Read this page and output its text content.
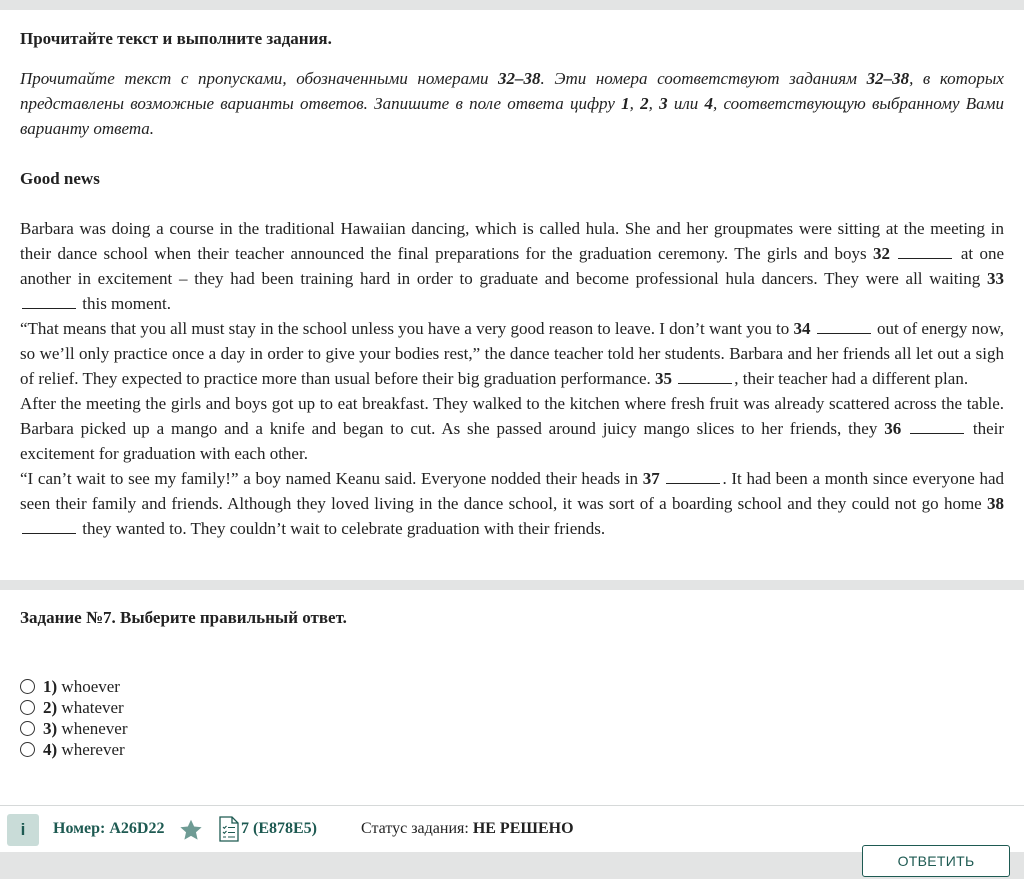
Прочитайте текст и выполните задания.

Прочитайте текст с пропусками, обозначенными номерами 32–38. Эти номера соответствуют заданиям 32–38, в которых представлены возможные варианты ответов. Запишите в поле ответа цифру 1, 2, 3 или 4, соответствующую выбранному Вами варианту ответа.

Good news

Barbara was doing a course in the traditional Hawaiian dancing, which is called hula. She and her groupmates were sitting at the meeting in their dance school when their teacher announced the final preparations for the graduation ceremony. The girls and boys 32	at one another in excitement – they had been training hard in order to graduate and become professional hula dancers. They were all waiting 33  this moment.

“That means that you all must stay in the school unless you have a very good reason to leave. I don’t want you to 34	out of energy now, so we’ll only practice once a day in order to give your bodies rest,” the dance teacher told her students. Barbara and her friends all let out a sigh of relief. They expected to practice more than usual before their big graduation performance. 35	, their teacher had a different plan.

After the meeting the girls and boys got up to eat breakfast. They walked to the kitchen where fresh fruit was already scattered across the table. Barbara picked up a mango and a knife and began to cut. As she passed around juicy mango slices to her friends, they 36	their excitement for graduation with each other.

“I can’t wait to see my family!” a boy named Keanu said. Everyone nodded their heads in 37	. It had been a month since everyone had seen their family and friends. Although they loved living in the dance school, it was sort of a boarding school and they could not go home 38  they wanted to. They couldn’t wait to celebrate graduation with their friends.

Задание №7. Выберите правильный ответ.
1)
whoever
2)
whatever
3)
whenever
4)
wherever
i	Номер: A26D22	7 (E878E5)	Статус задания: НЕ РЕШЕНО
ОТВЕТИТЬ
